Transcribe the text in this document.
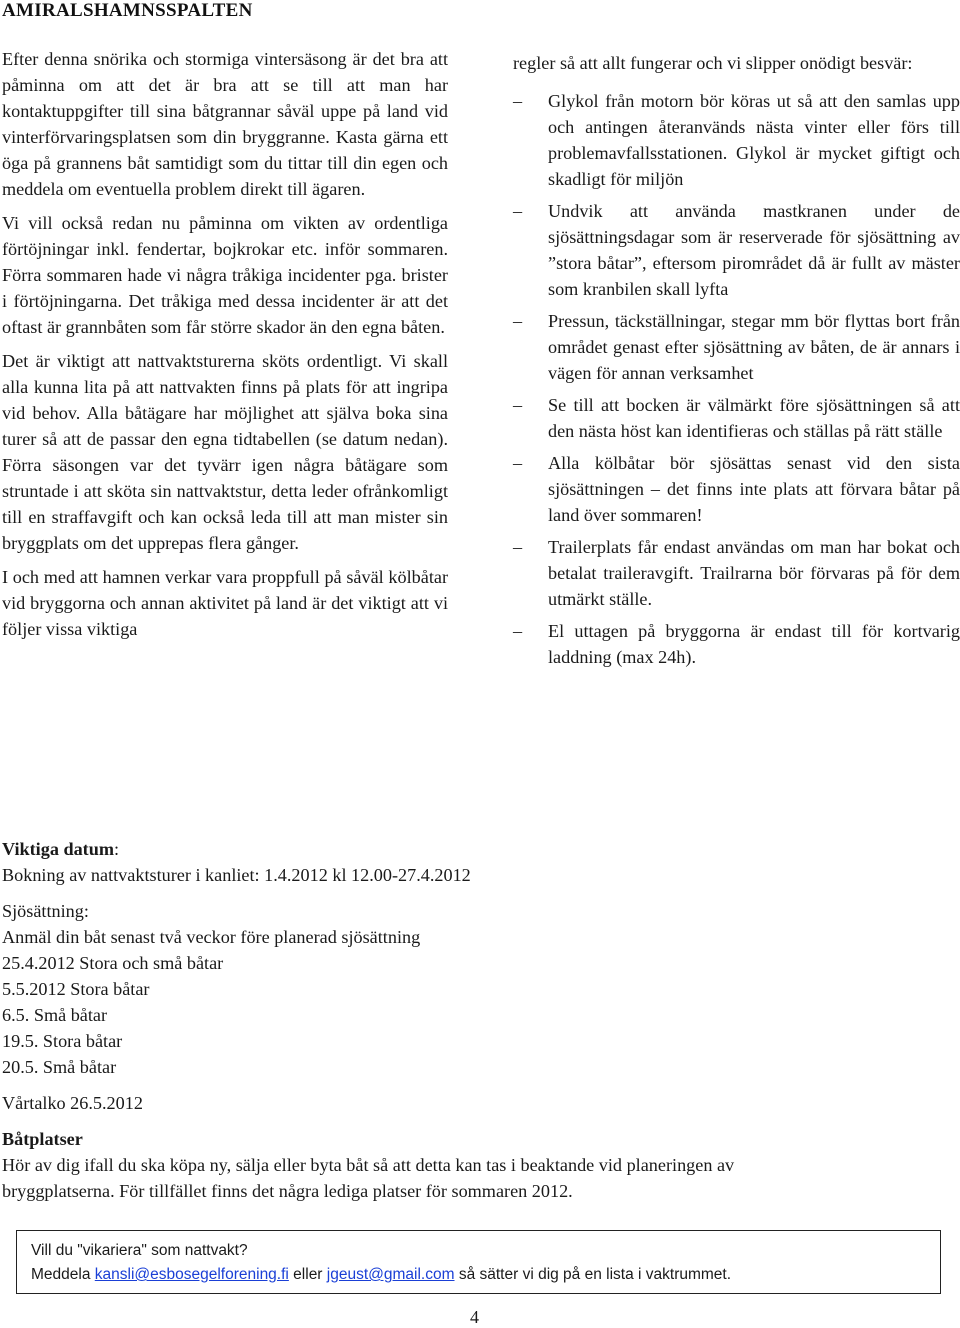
AMIRALSHAMNSSPALTEN

Efter denna snörika och stormiga vintersäsong är det bra att påminna om att det är bra att se till att man har kontaktuppgifter till sina båtgrannar såväl uppe på land vid vinterförvaringsplatsen som din bryggranne. Kasta gärna ett öga på grannens båt samtidigt som du tittar till din egen och meddela om eventuella problem direkt till ägaren.

Vi vill också redan nu påminna om vikten av ordentliga förtöjningar inkl. fendertar, bojkrokar etc. inför sommaren. Förra sommaren hade vi några tråkiga incidenter pga. brister i förtöjningarna. Det tråkiga med dessa incidenter är att det oftast är grannbåten som får större skador än den egna båten.

Det är viktigt att nattvaktsturerna sköts ordentligt. Vi skall alla kunna lita på att nattvakten finns på plats för att ingripa vid behov. Alla båtägare har möjlighet att själva boka sina turer så att de passar den egna tidtabellen (se datum nedan). Förra säsongen var det tyvärr igen några båtägare som struntade i att sköta sin nattvaktstur, detta leder ofrånkomligt till en straffavgift och kan också leda till att man mister sin bryggplats om det upprepas flera gånger.

I och med att hamnen verkar vara proppfull på såväl kölbåtar vid bryggorna och annan aktivitet på land är det viktigt att vi följer vissa viktiga

regler så att allt fungerar och vi slipper onödigt besvär:

–	Glykol från motorn bör köras ut så att den samlas upp och antingen återanvänds nästa vinter eller förs till problemavfallsstationen. Glykol är mycket giftigt och skadligt för miljön
–	Undvik att använda mastkranen under de sjösättningsdagar som är reserverade för sjösättning av ”stora båtar”, eftersom pirområdet då är fullt av mäster som kranbilen skall lyfta
–	Pressun, täckställningar, stegar mm bör flyttas bort från området genast efter sjösättning av båten, de är annars i vägen för annan verksamhet
–	Se till att bocken är välmärkt före sjösättningen så att den nästa höst kan identifieras och ställas på rätt ställe
–	Alla kölbåtar bör sjösättas senast vid den sista sjösättningen – det finns inte plats att förvara båtar på land över sommaren!
–	Trailerplats får endast användas om man har bokat och betalat traileravgift. Trailrarna bör förvaras på för dem utmärkt ställe.
–	El uttagen på bryggorna är endast till för kortvarig laddning (max 24h).
Viktiga datum:
Bokning av nattvaktsturer i kanliet: 1.4.2012 kl 12.00-27.4.2012
Sjösättning:
Anmäl din båt senast två veckor före planerad sjösättning
25.4.2012 Stora och små båtar
5.5.2012 Stora båtar
6.5. Små båtar
19.5. Stora båtar
20.5. Små båtar
Vårtalko 26.5.2012
Båtplatser
Hör av dig ifall du ska köpa ny, sälja eller byta båt så att detta kan tas i beaktande vid planeringen av
bryggplatserna. För tillfället finns det några lediga platser för sommaren 2012.
Vill du "vikariera" som nattvakt?
Meddela kansli@esbosegelforening.fi eller jgeust@gmail.com så sätter vi dig på en lista i vaktrummet.
4
